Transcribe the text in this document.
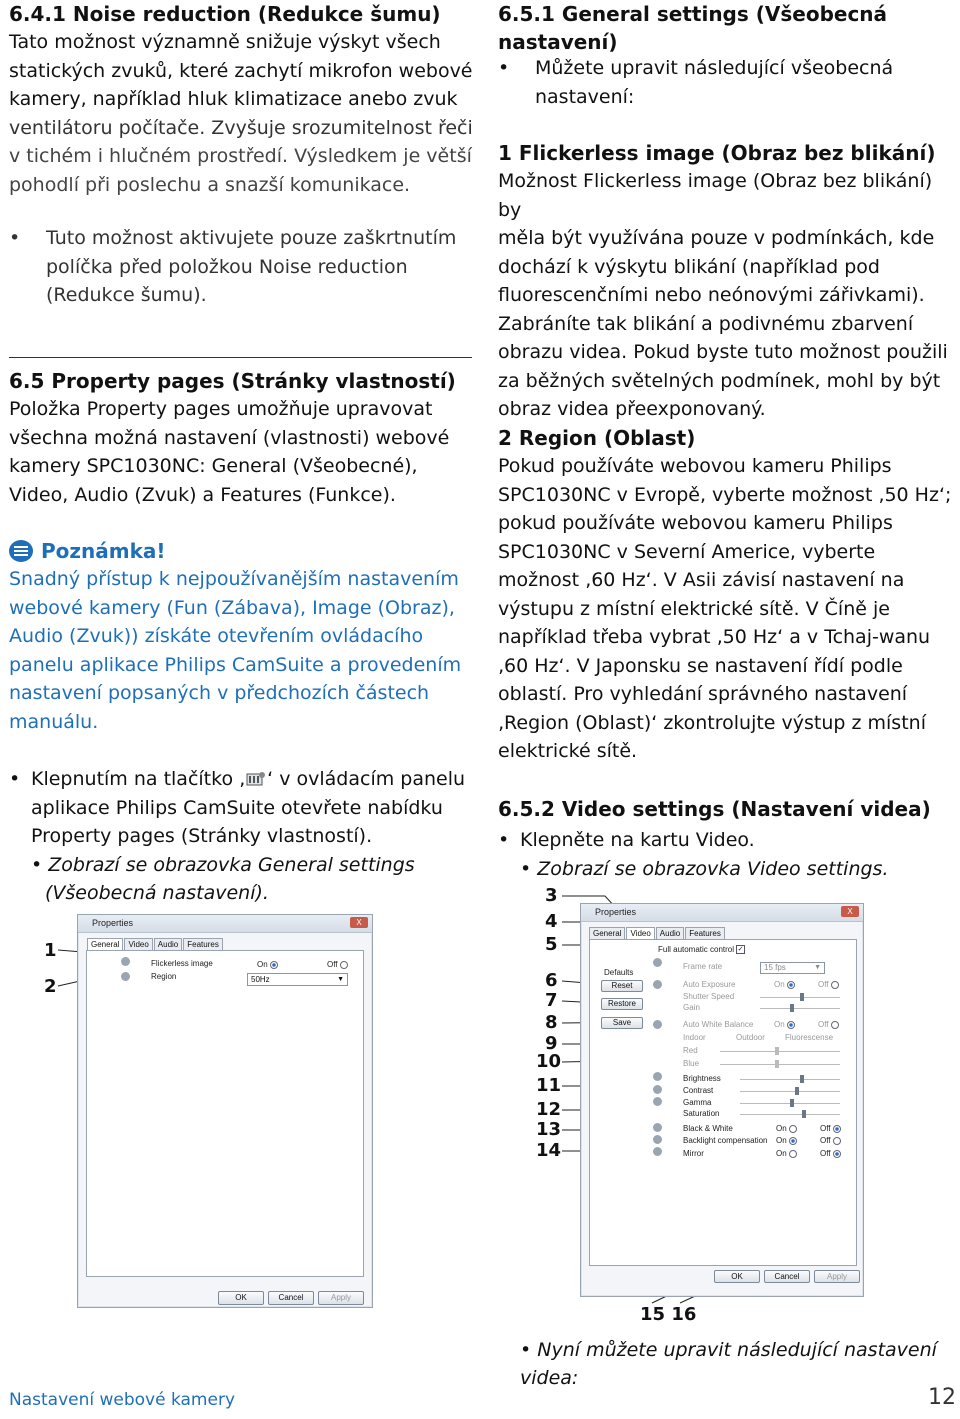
6.4.1 Noise reduction (Redukce šumu)

Tato možnost významně snižuje výskyt všech

statických zvuků, které zachytí mikrofon webové

kamery, například hluk klimatizace anebo zvuk

ventilátoru počítače. Zvyšuje srozumitelnost řeči

v tichém i hlučném prostředí. Výsledkem je větší

pohodlí při poslechu a snazší komunikace.

• Tuto možnost aktivujete pouze zaškrtnutím

políčka před položkou Noise reduction

(Redukce šumu).

6.5 Property pages (Stránky vlastností)

Položka Property pages umožňuje upravovat

všechna možná nastavení (vlastnosti) webové

kamery SPC1030NC: General (Všeobecné),

Video, Audio (Zvuk) a Features (Funkce).

Poznámka!

Snadný přístup k nejpoužívanějším nastavením

webové kamery (Fun (Zábava), Image (Obraz),

Audio (Zvuk)) získáte otevřením ovládacího

panelu aplikace Philips CamSuite a provedením

nastavení popsaných v předchozích částech

manuálu.

• Klepnutím na tlačítko ‚ ‘ v ovládacím panelu

aplikace Philips CamSuite otevřete nabídku

Property pages (Stránky vlastností).

• Zobrazí se obrazovka General settings

(Všeobecná nastavení).

1
2
Properties	X
General Video Audio Features
Flickerless image
Region
On	Off
50Hz	▼
OK	Cancel	Apply
6.5.1 General settings (Všeobecná
nastavení)
• Můžete upravit následující všeobecná

nastavení:

1 Flickerless image (Obraz bez blikání)

Možnost Flickerless image (Obraz bez blikání) by

měla být využívána pouze v podmínkách, kde

dochází k výskytu blikání (například pod

fluorescenčními nebo neónovými zářivkami).

Zabráníte tak blikání a podivnému zbarvení

obrazu videa. Pokud byste tuto možnost použili

za běžných světelných podmínek, mohl by být

obraz videa přeexponovaný.

2 Region (Oblast)

Pokud používáte webovou kameru Philips

SPC1030NC v Evropě, vyberte možnost ‚50 Hz‘;

pokud používáte webovou kameru Philips

SPC1030NC v Severní Americe, vyberte

možnost ‚60 Hz‘. V Asii závisí nastavení na

výstupu z místní elektrické sítě. V Číně je

například třeba vybrat ‚50 Hz‘ a v Tchaj-wanu

‚60 Hz‘. V Japonsku se nastavení řídí podle

oblastí. Pro vyhledání správného nastavení

‚Region (Oblast)‘ zkontrolujte výstup z místní

elektrické sítě.

6.5.2 Video settings (Nastavení videa)
• Klepněte na kartu Video.

• Zobrazí se obrazovka Video settings.

3
4
5
6
7
8
9
10
11
12
13
14
15 16
Properties	X
General Video Audio Features
Full automatic control ✓
Defaults
Reset
Restore
Save
Frame rate	15 fps	▼
Auto Exposure	On	Off
Shutter Speed
Gain
Auto White Balance	On	Off
Indoor	Outdoor	Fluorescense
Red
Blue
Brightness
Contrast
Gamma
Saturation
Black & White	On	Off
Backlight compensation On	Off
Mirror	On	Off
OK	Cancel	Apply
• Nyní můžete upravit následující nastavení videa:
Nastavení webové kamery	12
